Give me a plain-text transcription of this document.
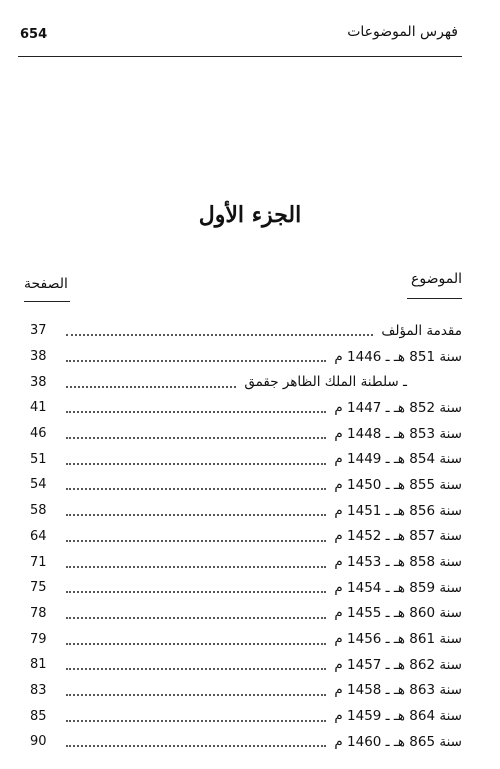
654	فهرس الموضوعات
الجزء الأول
الموضوع
الصفحة
مقدمة المؤلف
37
سنة 851 هـ ـ 1446 م
38
ـ سلطنة الملك الظاهر جقمق
38
سنة 852 هـ ـ 1447 م
41
سنة 853 هـ ـ 1448 م
46
سنة 854 هـ ـ 1449 م
51
سنة 855 هـ ـ 1450 م
54
سنة 856 هـ ـ 1451 م
58
سنة 857 هـ ـ 1452 م
64
سنة 858 هـ ـ 1453 م
71
سنة 859 هـ ـ 1454 م
75
سنة 860 هـ ـ 1455 م
78
سنة 861 هـ ـ 1456 م
79
سنة 862 هـ ـ 1457 م
81
سنة 863 هـ ـ 1458 م
83
سنة 864 هـ ـ 1459 م
85
سنة 865 هـ ـ 1460 م
90
